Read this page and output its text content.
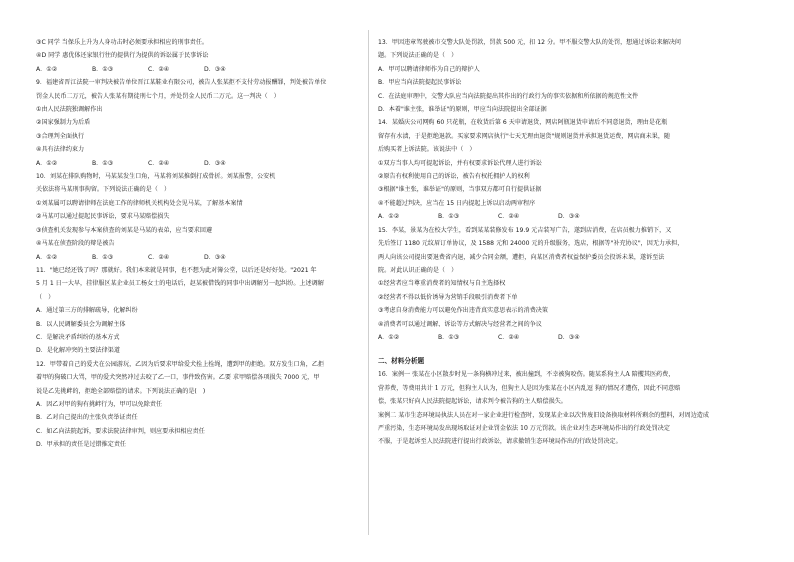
③C 同学 当保乐上升为人身功击时必须要承担相应的刑事责任。
④D 同学 惠优体还家银行往的提供行为提供的诉讼属于民事诉讼
A．①②	B．①③	C．②④	D．③④
9．福建省晋江法院一审判决被告单位晋江某鞋业有限公司，被告人张某拒不支付劳动报酬罪，判处被告单位
罚金人民币二万元，被告人张某有期徒刑七个月，并处罚金人民币二万元。这一判决（　）
①由人民法院独调解作出
②国家强制力为后盾
③合理判全面执行
④具有法律约束力
A．①②	B．①③	C．②④	D．③④
10．刘某在排队购物时，马某某发生口角，马某将刘某推倒打成骨折。刘某报警，公安机
关依法将马某刑事拘留。下列说法正确的是（　）
①刘某属可以聘请律师在法庭工作的律师机关机构处会见马某，了解基本案情
②马某可以通过提起民事诉讼，要求马某赔偿损失
③侦查机关发现参与本案侦查的刘某是马某的表弟，应当要求回避
④马某在侦查阶段的辩是被告
A．①②	B．①③	C．②④	D．③④
11．"她已经还钱了吗？那就好。我们本来就是同事，也不想为此对簿公堂，以后还是好好处。"2021 年
5 月 1 日一大早，挂律服区某企业员工杨女士的电话后，赵某被借钱的同事中出调解另一起纠纷。上述调解
（　）
A．通过第三方的排解疏导，化解纠纷
B．以人民调解委员会为调解主体
C．是解决矛盾纠纷的基本方式
D．是化解冲突的主要法律渠道
12．甲带着自己的爱犬在公园游玩，乙因为后要求甲给爱犬拴上拴绳，遭到甲的拒绝。双方发生口角，乙拒
着甲的狗破口大骂，甲的爱犬突然冲过去咬了乙一口，事件致伤害。乙要 求甲赔偿各项损失 7000 元，甲
说是乙先挑衅的，拒绝全部赔偿的请求。下列说法正确的是(　)
A．因乙对甲的狗有挑衅行为，甲可以免除责任
B．乙对自己提出的主张负责举证责任
C．如乙向法院起诉，要求法院法律审判，则应要承担相应责任
D．甲承担的责任是过错推定责任
13．甲因违章驾驶被市交警大队处罚款，罚款 500 元，扣 12 分。甲不服交警大队的处罚，想通过诉讼来解决问
题。下列说法正确的是（　）
A．甲可以聘请律师作为自己的辩护人
B．甲应当向法院提起民事诉讼
C．在法庭审理中，交警大队应当向法院提出其作出的行政行为的事实依据和所依据的规范性文件
D．本着"谁主张，谁举证"的原则，甲应当向法院提出全部证据
14．某婚庆公司网购 60 只花瓶，在收货后第 6 天申请退货，网店阿瓶退货申请后不同意退货，理由是花瓶
留存有水渍，于是拒绝退款。买家要求网店执行"七天无理由退货"规则退货并承担退货运费，网店商未果，随
后购买者上诉法院。该说法中（　）
①双方当事人均可提起诉讼，并有权要求诉讼代理人进行诉讼
②原告有权利使用自己的诉讼，被告有权托拥护人的权利
③根据"谁主张，谁举证"的原则，当事双方都可自行提供证据
④不能超过判决，应当在 15 日内提起上诉以启动两审程序
A．①②	B．①③	C．②④	D．③④
15．李某，景某为在校大学生，看到某某装修发布 19.9 元吉装写广告，遂到店消费，在店员极力推销下，又
先后签订 1180 元纹眉订单协议，及 1588 元和 24000 元的升级服务，选店，根据等"补充协议"，因无力承担，
两人向该公司提出要退费省内退，减少合同金额，遭拒，向某区消费者权益保护委员会投诉未果，遂诉至法
院。对此认识正确的是（　）
①经营者应当尊重消费者的知情权与自主选择权
②经营者不得以低价诱导为营销手段吸引消费者下单
③考虑自身消费能力可以避免作出违背真实意思表示的消费决策
④消费者可以通过调解、诉讼等方式解决与经营者之间的争议
A．①②	B．①③	C．②④	D．③④
二、材料分析题
16．案例一 张某在小区散步时见一条狗横冲过来，被出撞到，不幸被狗咬伤。随某系狗主人A 陪攫其医药费，
营养费，等费用共计 1 万元，但狗主人认为，但狗主人是因为张某在小区内乱逗 狗的情况才遭伤，因此不同意赔
偿，张某只好向人民法院提起诉讼，请求判令被告狗的主人赔偿损失。
案例二 某市生态环境局执法人员在对一家企业进行检查时，发现某企业以次售废旧设备换取材料所剩余的塑料，对周边造成
严重污染，生态环境局发出现场取证对企业罚金依法 10 万元罚款。该企业对生态环境局作出的行政处罚决定
不服，于是起诉至人民法院进行提出行政诉讼，请求撤销生态环境局作出的行政处罚决定。
